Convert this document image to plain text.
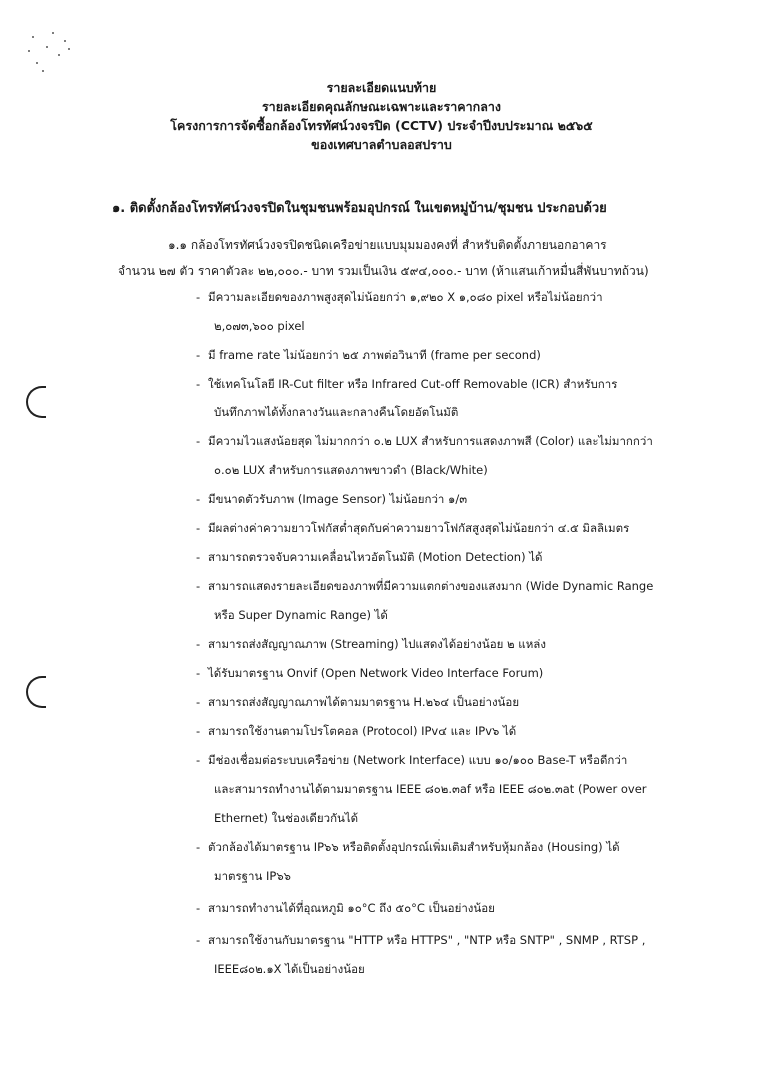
รายละเอียดแนบท้าย
รายละเอียดคุณลักษณะเฉพาะและราคากลาง
โครงการการจัดซื้อกล้องโทรทัศน์วงจรปิด (CCTV) ประจำปีงบประมาณ ๒๕๖๕
ของเทศบาลตำบลอสปราบ
๑. ติดตั้งกล้องโทรทัศน์วงจรปิดในชุมชนพร้อมอุปกรณ์ ในเขตหมู่บ้าน/ชุมชน ประกอบด้วย
๑.๑ กล้องโทรทัศน์วงจรปิดชนิดเครือข่ายแบบมุมมองคงที่ สำหรับติดตั้งภายนอกอาคาร
จำนวน ๒๗ ตัว ราคาตัวละ ๒๒,๐๐๐.- บาท รวมเป็นเงิน ๕๙๔,๐๐๐.- บาท (ห้าแสนเก้าหมื่นสี่พันบาทถ้วน)
- มีความละเอียดของภาพสูงสุดไม่น้อยกว่า ๑,๙๒๐ X ๑,๐๘๐ pixel หรือไม่น้อยกว่า
๒,๐๗๓,๖๐๐ pixel
- มี frame rate ไม่น้อยกว่า ๒๕ ภาพต่อวินาที (frame per second)
- ใช้เทคโนโลยี IR-Cut filter หรือ Infrared Cut-off Removable (ICR) สำหรับการ
บันทึกภาพได้ทั้งกลางวันและกลางคืนโดยอัตโนมัติ
- มีความไวแสงน้อยสุด ไม่มากกว่า ๐.๒ LUX สำหรับการแสดงภาพสี (Color) และไม่มากกว่า
๐.๐๒ LUX สำหรับการแสดงภาพขาวดำ (Black/White)
- มีขนาดตัวรับภาพ (Image Sensor) ไม่น้อยกว่า ๑/๓
- มีผลต่างค่าความยาวโฟกัสต่ำสุดกับค่าความยาวโฟกัสสูงสุดไม่น้อยกว่า ๔.๕ มิลลิเมตร
- สามารถตรวจจับความเคลื่อนไหวอัตโนมัติ (Motion Detection) ได้
- สามารถแสดงรายละเอียดของภาพที่มีความแตกต่างของแสงมาก (Wide Dynamic Range
หรือ Super Dynamic Range) ได้
- สามารถส่งสัญญาณภาพ (Streaming) ไปแสดงได้อย่างน้อย ๒ แหล่ง
- ได้รับมาตรฐาน Onvif (Open Network Video Interface Forum)
- สามารถส่งสัญญาณภาพได้ตามมาตรฐาน H.๒๖๔ เป็นอย่างน้อย
- สามารถใช้งานตามโปรโตคอล (Protocol) IPv๔ และ IPv๖ ได้
- มีช่องเชื่อมต่อระบบเครือข่าย (Network Interface) แบบ ๑๐/๑๐๐ Base-T หรือดีกว่า
และสามารถทำงานได้ตามมาตรฐาน IEEE ๘๐๒.๓af หรือ IEEE ๘๐๒.๓at (Power over
Ethernet) ในช่องเดียวกันได้
- ตัวกล้องได้มาตรฐาน IP๖๖ หรือติดตั้งอุปกรณ์เพิ่มเติมสำหรับหุ้มกล้อง (Housing) ได้
มาตรฐาน IP๖๖
- สามารถทำงานได้ที่อุณหภูมิ ๑๐°C ถึง ๕๐°C เป็นอย่างน้อย
- สามารถใช้งานกับมาตรฐาน "HTTP หรือ HTTPS" , "NTP หรือ SNTP" , SNMP , RTSP ,
IEEE๘๐๒.๑X ได้เป็นอย่างน้อย
